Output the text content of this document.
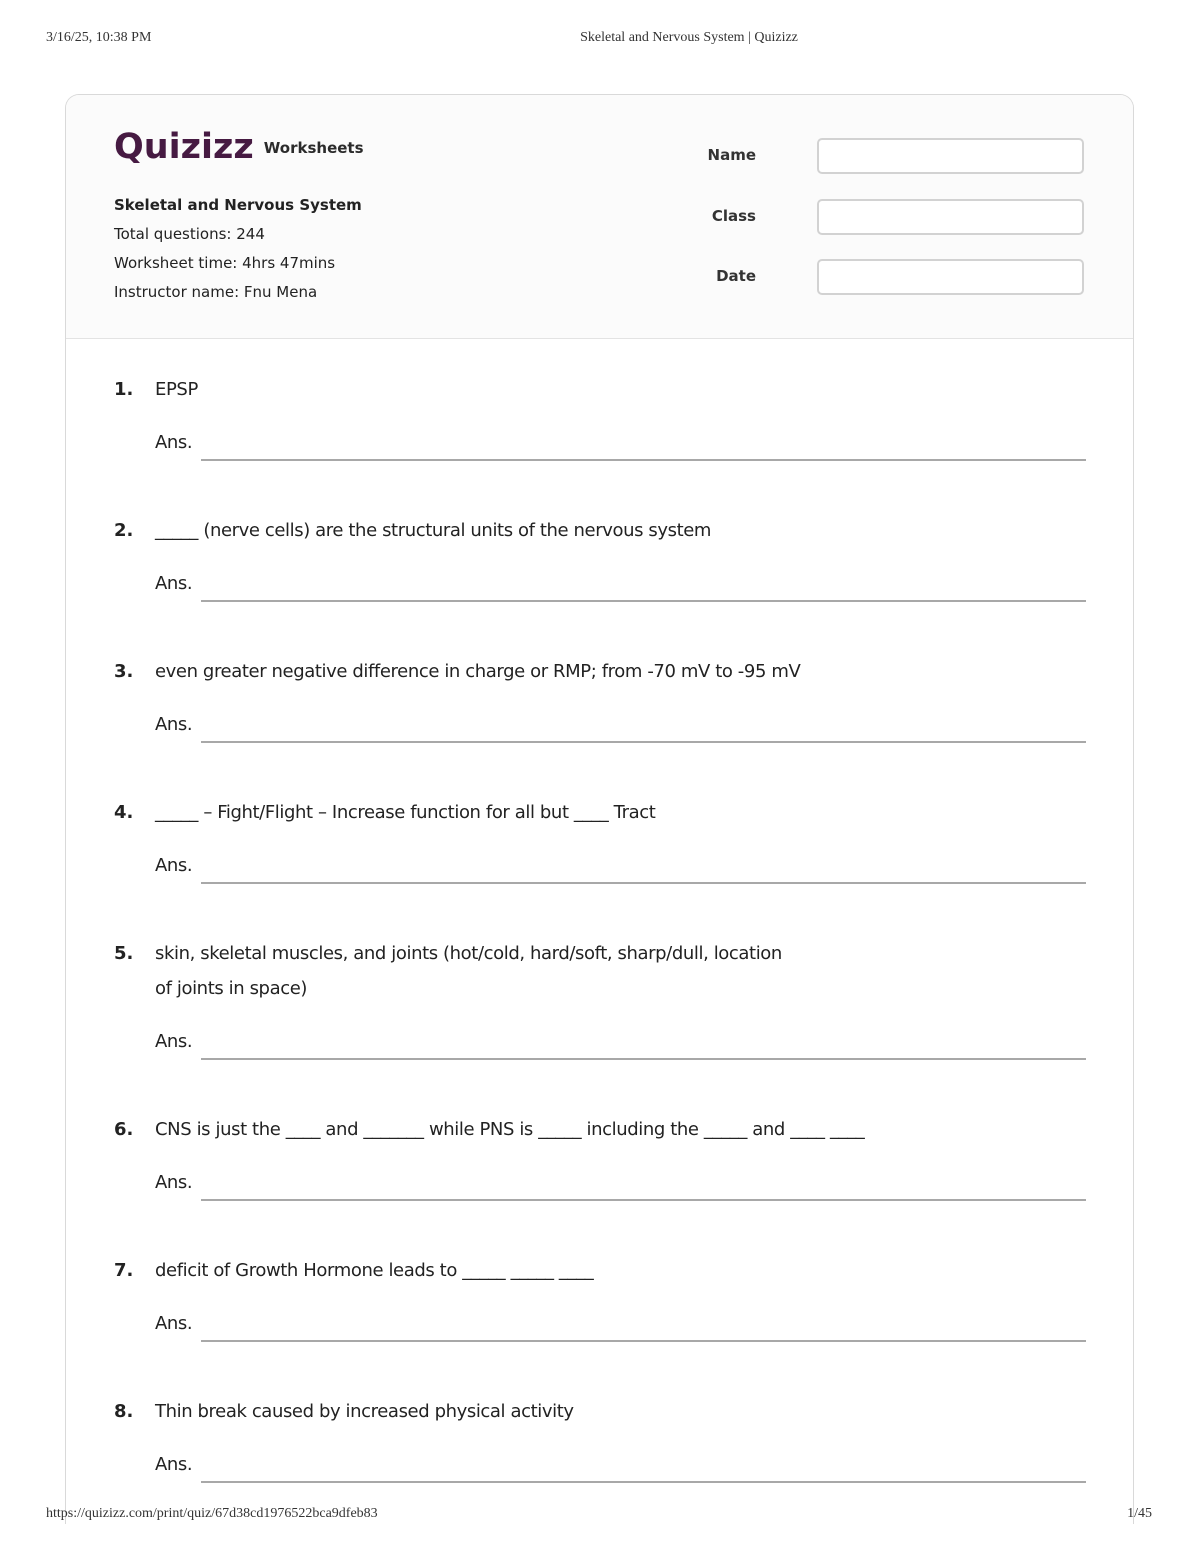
3/16/25, 10:38 PM	Skeletal and Nervous System | Quizizz
Quizizz Worksheets
Skeletal and Nervous System
Total questions: 244
Worksheet time: 4hrs 47mins
Instructor name: Fnu Mena
Name
Class
Date
1.	EPSP
Ans.
2.	_____ (nerve cells) are the structural units of the nervous system
Ans.
3.	even greater negative difference in charge or RMP; from -70 mV to -95 mV
Ans.
4.	_____ – Fight/Flight – Increase function for all but ____ Tract
Ans.
5.	skin, skeletal muscles, and joints (hot/cold, hard/soft, sharp/dull, location of joints in space)
Ans.
6.	CNS is just the ____ and _______ while PNS is _____ including the _____ and ____ ____
Ans.
7.	deficit of Growth Hormone leads to _____ _____ ____
Ans.
8.	Thin break caused by increased physical activity
Ans.
https://quizizz.com/print/quiz/67d38cd1976522bca9dfeb83	1/45
